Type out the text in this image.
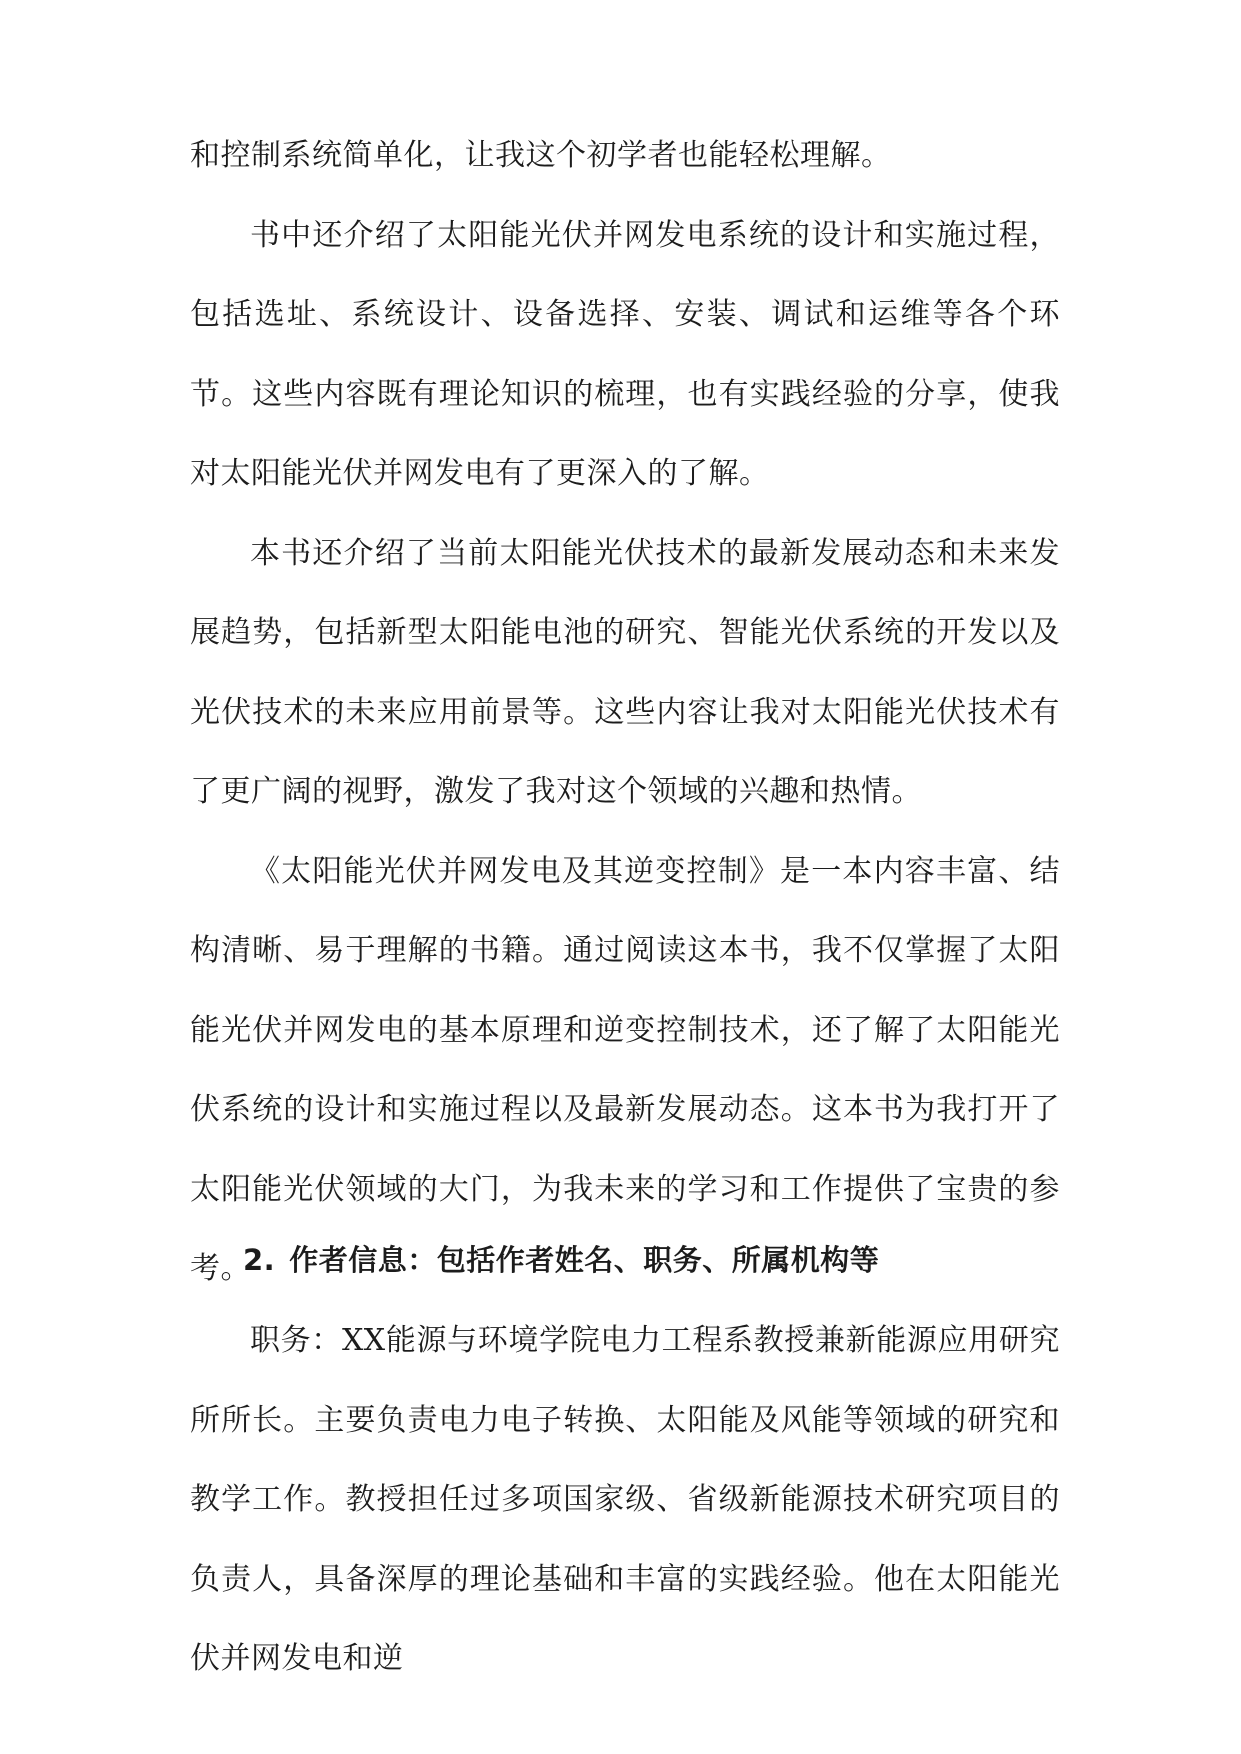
和控制系统简单化，让我这个初学者也能轻松理解。

书中还介绍了太阳能光伏并网发电系统的设计和实施过程，包括选址、系统设计、设备选择、安装、调试和运维等各个环节。这些内容既有理论知识的梳理，也有实践经验的分享，使我对太阳能光伏并网发电有了更深入的了解。

本书还介绍了当前太阳能光伏技术的最新发展动态和未来发展趋势，包括新型太阳能电池的研究、智能光伏系统的开发以及光伏技术的未来应用前景等。这些内容让我对太阳能光伏技术有了更广阔的视野，激发了我对这个领域的兴趣和热情。

《太阳能光伏并网发电及其逆变控制》是一本内容丰富、结构清晰、易于理解的书籍。通过阅读这本书，我不仅掌握了太阳能光伏并网发电的基本原理和逆变控制技术，还了解了太阳能光伏系统的设计和实施过程以及最新发展动态。这本书为我打开了太阳能光伏领域的大门，为我未来的学习和工作提供了宝贵的参考。

2. 作者信息：包括作者姓名、职务、所属机构等

职务：XX能源与环境学院电力工程系教授兼新能源应用研究所所长。主要负责电力电子转换、太阳能及风能等领域的研究和教学工作。教授担任过多项国家级、省级新能源技术研究项目的负责人，具备深厚的理论基础和丰富的实践经验。他在太阳能光伏并网发电和逆
